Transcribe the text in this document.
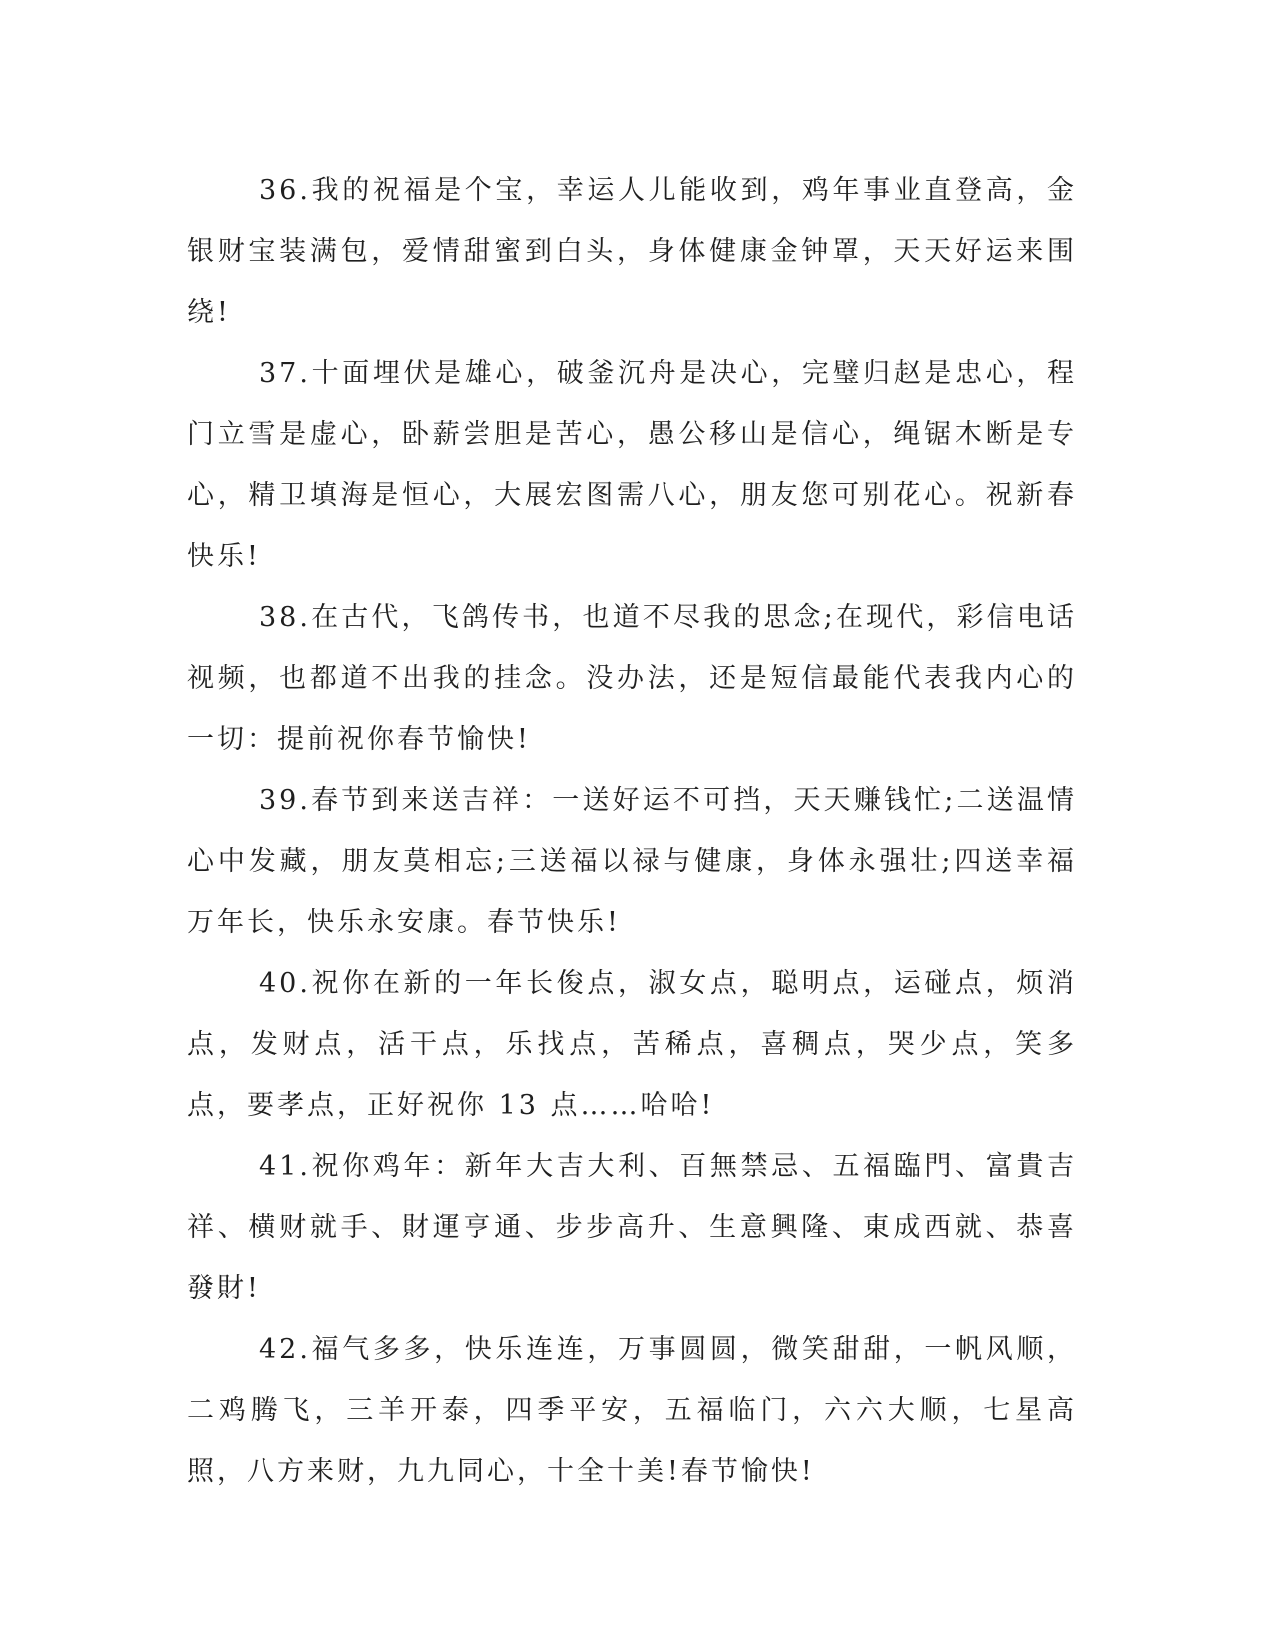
36.我的祝福是个宝，幸运人儿能收到，鸡年事业直登高，金银财宝装满包，爱情甜蜜到白头，身体健康金钟罩，天天好运来围绕!

37.十面埋伏是雄心，破釜沉舟是决心，完璧归赵是忠心，程门立雪是虚心，卧薪尝胆是苦心，愚公移山是信心，绳锯木断是专心，精卫填海是恒心，大展宏图需八心，朋友您可别花心。祝新春快乐!

38.在古代，飞鸽传书，也道不尽我的思念;在现代，彩信电话视频，也都道不出我的挂念。没办法，还是短信最能代表我内心的一切：提前祝你春节愉快!

39.春节到来送吉祥：一送好运不可挡，天天赚钱忙;二送温情心中发藏，朋友莫相忘;三送福以禄与健康，身体永强壮;四送幸福万年长，快乐永安康。春节快乐!

40.祝你在新的一年长俊点，淑女点，聪明点，运碰点，烦消点，发财点，活干点，乐找点，苦稀点，喜稠点，哭少点，笑多点，要孝点，正好祝你 13 点……哈哈!

41.祝你鸡年：新年大吉大利、百無禁忌、五福臨門、富貴吉祥、横财就手、財運亨通、步步高升、生意興隆、東成西就、恭喜發財!

42.福气多多，快乐连连，万事圆圆，微笑甜甜，一帆风顺，二鸡腾飞，三羊开泰，四季平安，五福临门，六六大顺，七星高照，八方来财，九九同心，十全十美!春节愉快!
